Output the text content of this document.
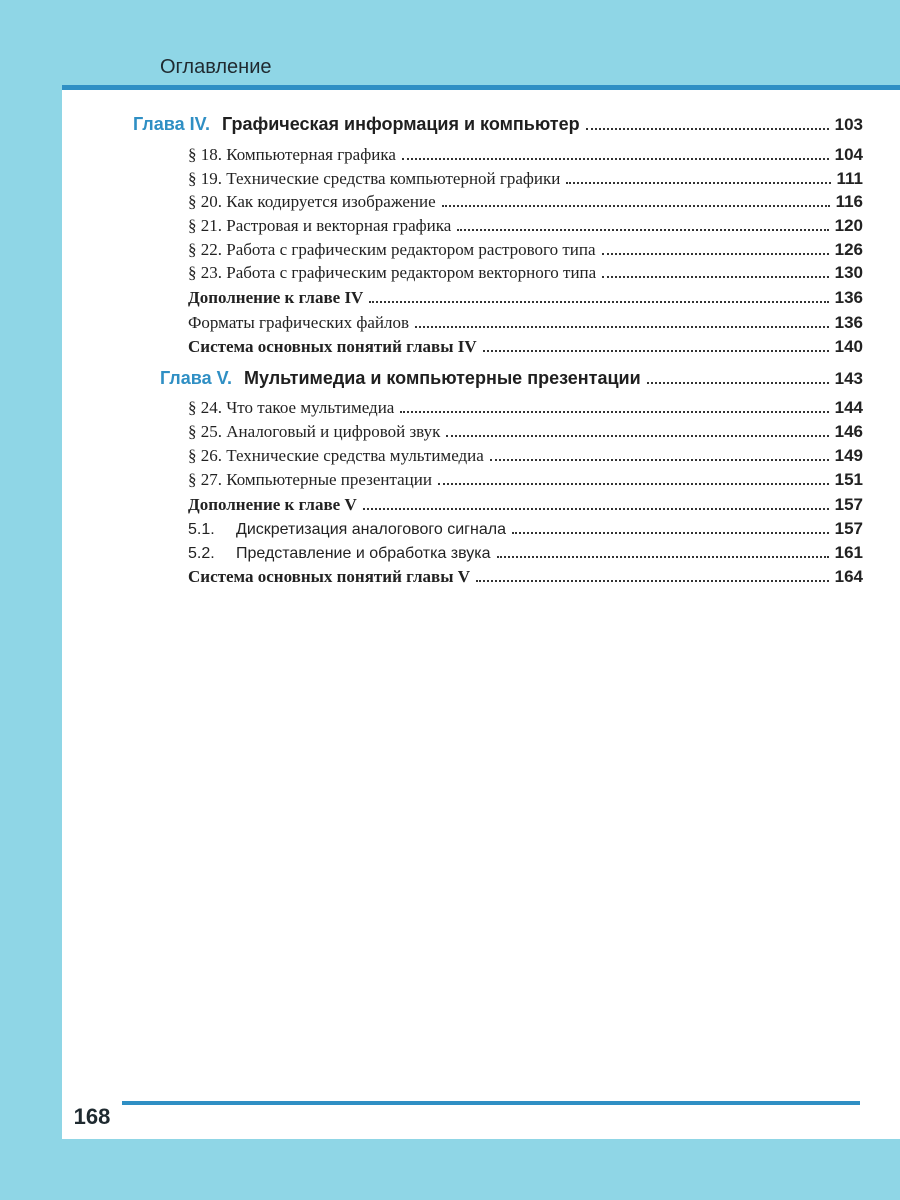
Оглавление
Глава IV. Графическая информация и компьютер	103
§ 18. Компьютерная графика	104
§ 19. Технические средства компьютерной графики	111
§ 20. Как кодируется изображение	116
§ 21. Растровая и векторная графика	120
§ 22. Работа с графическим редактором растрового типа	126
§ 23. Работа с графическим редактором векторного типа	130
Дополнение к главе IV	136
Форматы графических файлов	136
Система основных понятий главы IV	140
Глава V. Мультимедиа и компьютерные презентации	143
§ 24. Что такое мультимедиа	144
§ 25. Аналоговый и цифровой звук	146
§ 26. Технические средства мультимедиа	149
§ 27. Компьютерные презентации	151
Дополнение к главе V	157
5.1.	Дискретизация аналогового сигнала	157
5.2.	Представление и обработка звука	161
Система основных понятий главы V	164
168
